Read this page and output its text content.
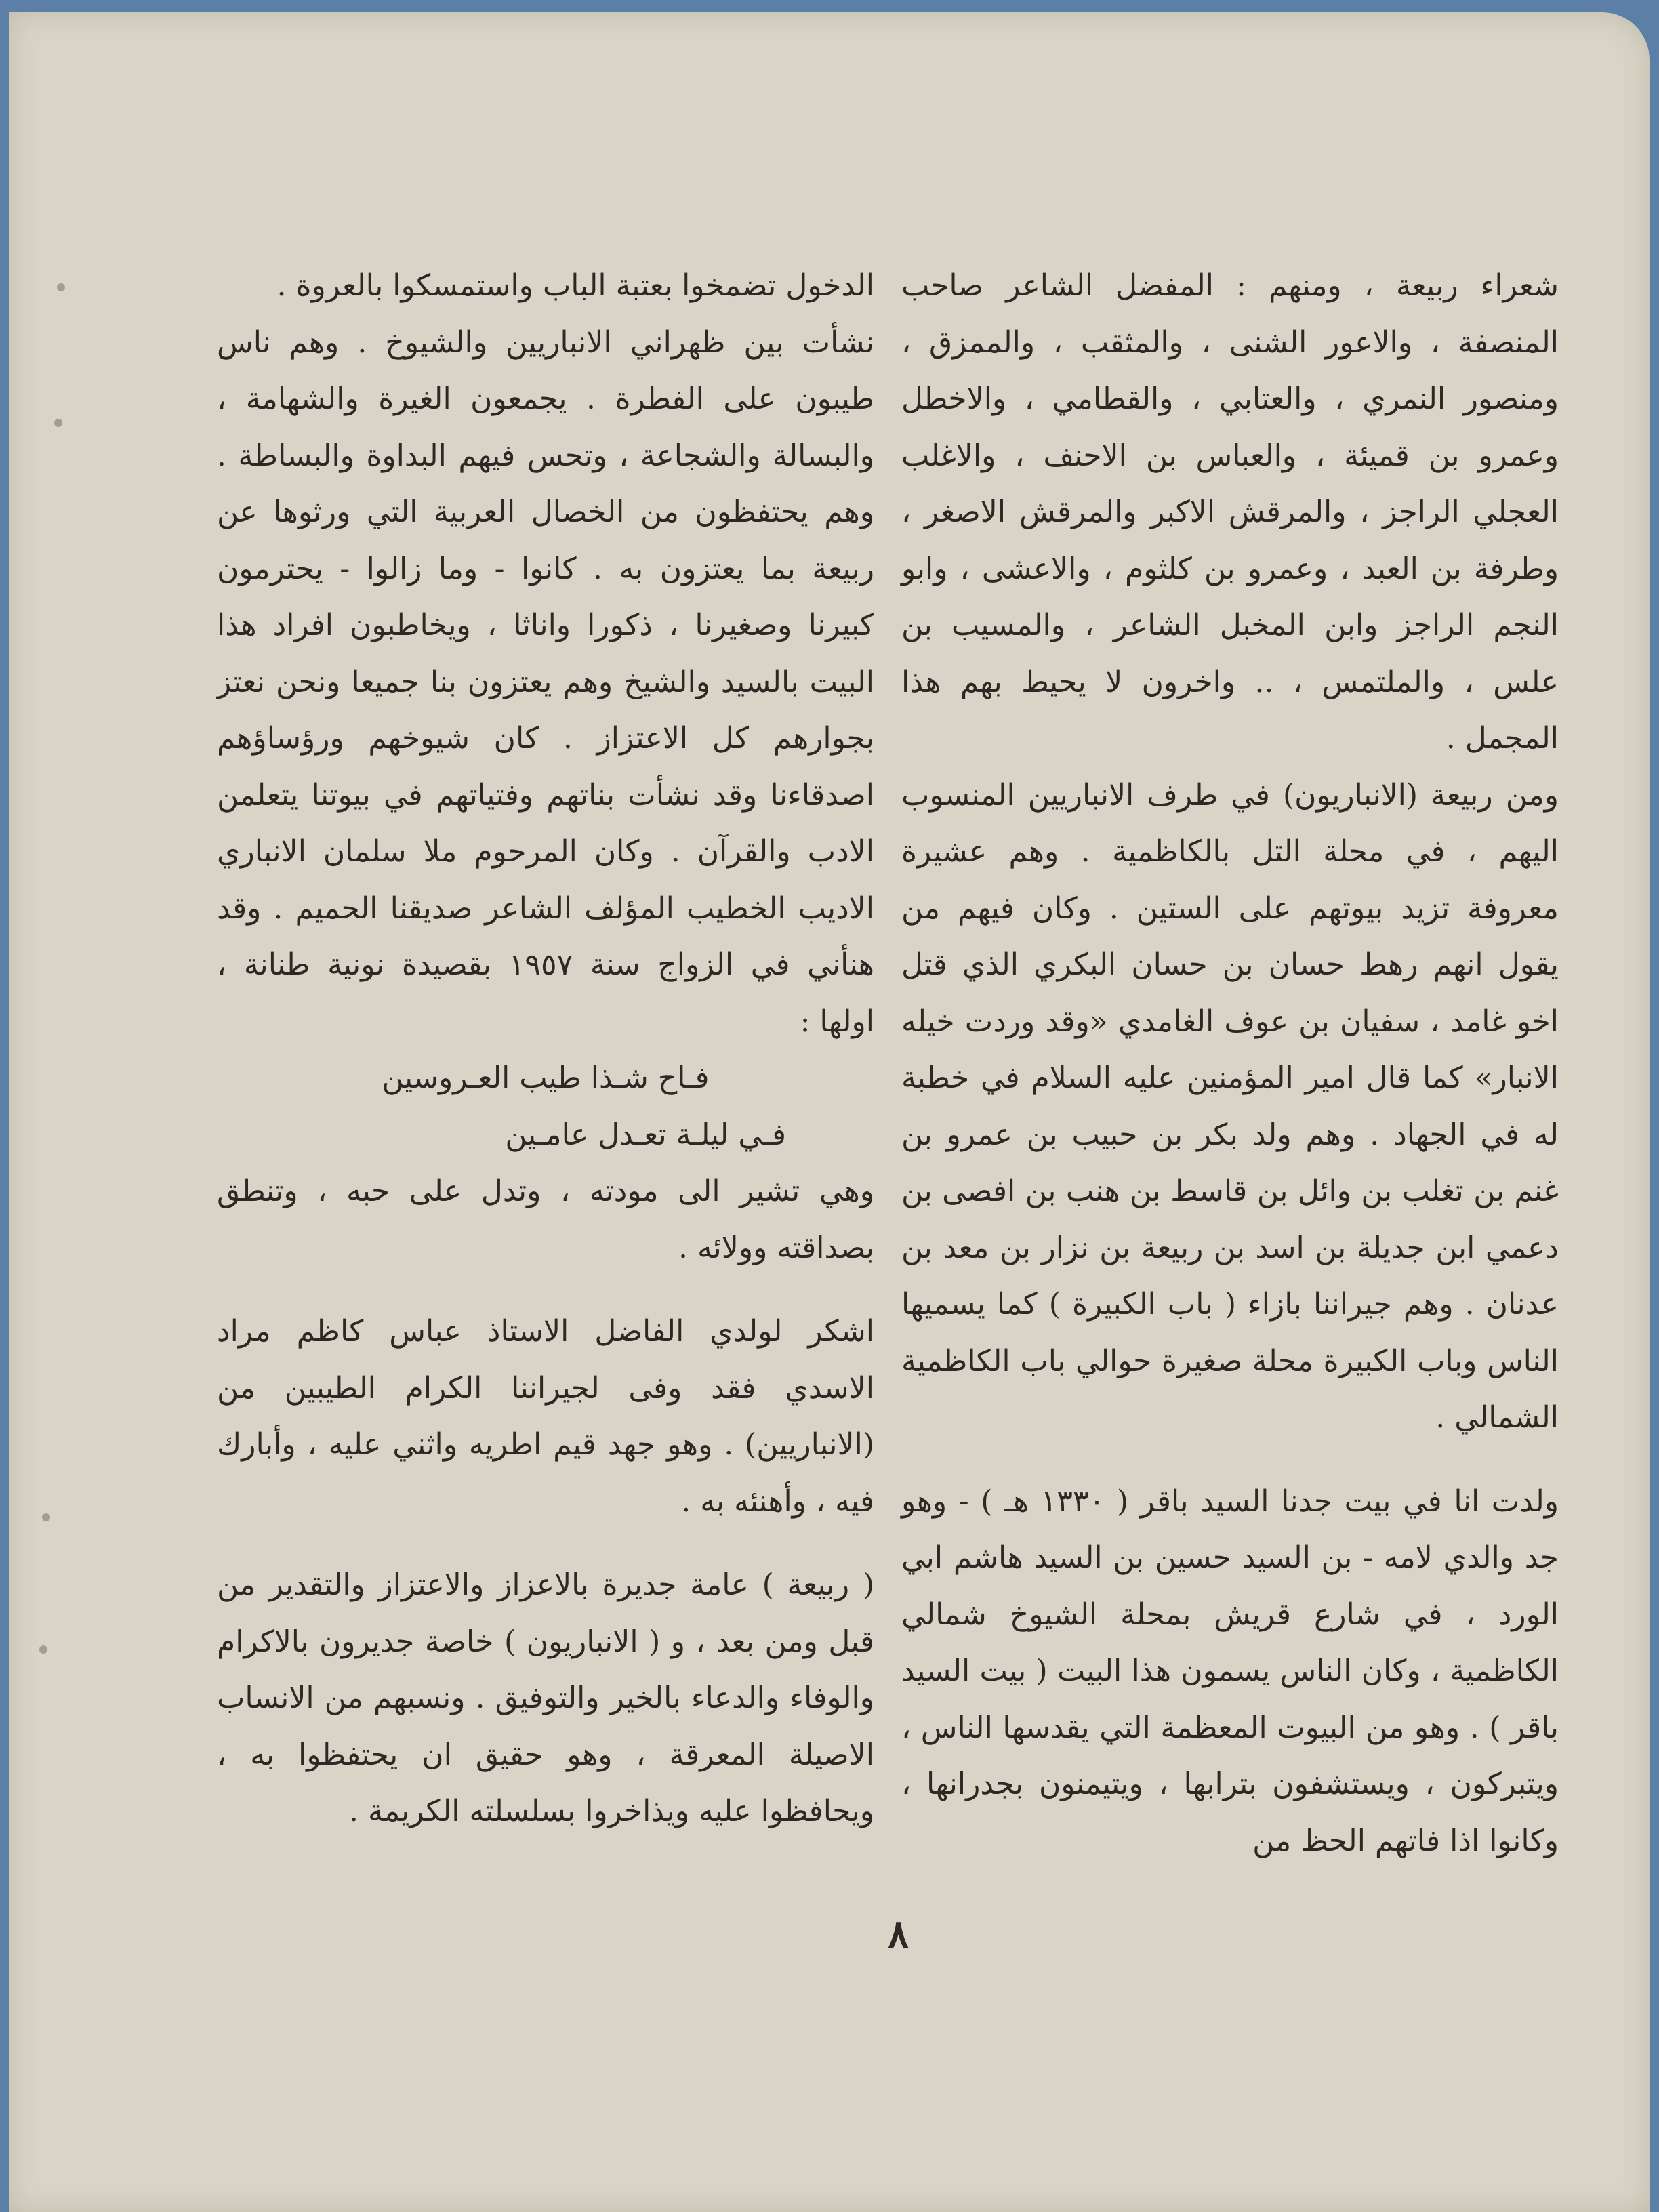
شعراء ربيعة ، ومنهم : المفضل الشاعر صاحب المنصفة ، والاعور الشنى ، والمثقب ، والممزق ، ومنصور النمري ، والعتابي ، والقطامي ، والاخطل وعمرو بن قميئة ، والعباس بن الاحنف ، والاغلب العجلي الراجز ، والمرقش الاكبر والمرقش الاصغر ، وطرفة بن العبد ، وعمرو بن كلثوم ، والاعشى ، وابو النجم الراجز وابن المخبل الشاعر ، والمسيب بن علس ، والملتمس ، .. واخرون لا يحيط بهم هذا المجمل .

ومن ربيعة (الانباريون) في طرف الانباريين المنسوب اليهم ، في محلة التل بالكاظمية . وهم عشيرة معروفة تزيد بيوتهم على الستين . وكان فيهم من يقول انهم رهط حسان بن حسان البكري الذي قتل اخو غامد ، سفيان بن عوف الغامدي «وقد وردت خيله الانبار» كما قال امير المؤمنين عليه السلام في خطبة له في الجهاد . وهم ولد بكر بن حبيب بن عمرو بن غنم بن تغلب بن وائل بن قاسط بن هنب بن افصى بن دعمي ابن جديلة بن اسد بن ربيعة بن نزار بن معد بن عدنان . وهم جيراننا بازاء ( باب الكبيرة ) كما يسميها الناس وباب الكبيرة محلة صغيرة حوالي باب الكاظمية الشمالي .

ولدت انا في بيت جدنا السيد باقر ( ١٣٣٠ هـ ) - وهو جد والدي لامه - بن السيد حسين بن السيد هاشم ابي الورد ، في شارع قريش بمحلة الشيوخ شمالي الكاظمية ، وكان الناس يسمون هذا البيت ( بيت السيد باقر ) . وهو من البيوت المعظمة التي يقدسها الناس ، ويتبركون ، ويستشفون بترابها ، ويتيمنون بجدرانها ، وكانوا اذا فاتهم الحظ من

الدخول تضمخوا بعتبة الباب واستمسكوا بالعروة .

نشأت بين ظهراني الانباريين والشيوخ . وهم ناس طيبون على الفطرة . يجمعون الغيرة والشهامة ، والبسالة والشجاعة ، وتحس فيهم البداوة والبساطة . وهم يحتفظون من الخصال العربية التي ورثوها عن ربيعة بما يعتزون به . كانوا - وما زالوا - يحترمون كبيرنا وصغيرنا ، ذكورا واناثا ، ويخاطبون افراد هذا البيت بالسيد والشيخ وهم يعتزون بنا جميعا ونحن نعتز بجوارهم كل الاعتزاز . كان شيوخهم ورؤساؤهم اصدقاءنا وقد نشأت بناتهم وفتياتهم في بيوتنا يتعلمن الادب والقرآن . وكان المرحوم ملا سلمان الانباري الاديب الخطيب المؤلف الشاعر صديقنا الحميم . وقد هنأني في الزواج سنة ١٩٥٧ بقصيدة نونية طنانة ، اولها :

فـاح شـذا طيب العـروسين

فـي ليلـة تعـدل عامـين

وهي تشير الى مودته ، وتدل على حبه ، وتنطق بصداقته وولائه .

اشكر لولدي الفاضل الاستاذ عباس كاظم مراد الاسدي فقد وفى لجيراننا الكرام الطيبين من (الانباريين) . وهو جهد قيم اطريه واثني عليه ، وأبارك فيه ، وأهنئه به .

( ربيعة ) عامة جديرة بالاعزاز والاعتزاز والتقدير من قبل ومن بعد ، و ( الانباريون ) خاصة جديرون بالاكرام والوفاء والدعاء بالخير والتوفيق . ونسبهم من الانساب الاصيلة المعرقة ، وهو حقيق ان يحتفظوا به ، ويحافظوا عليه ويذاخروا بسلسلته الكريمة .

٨
